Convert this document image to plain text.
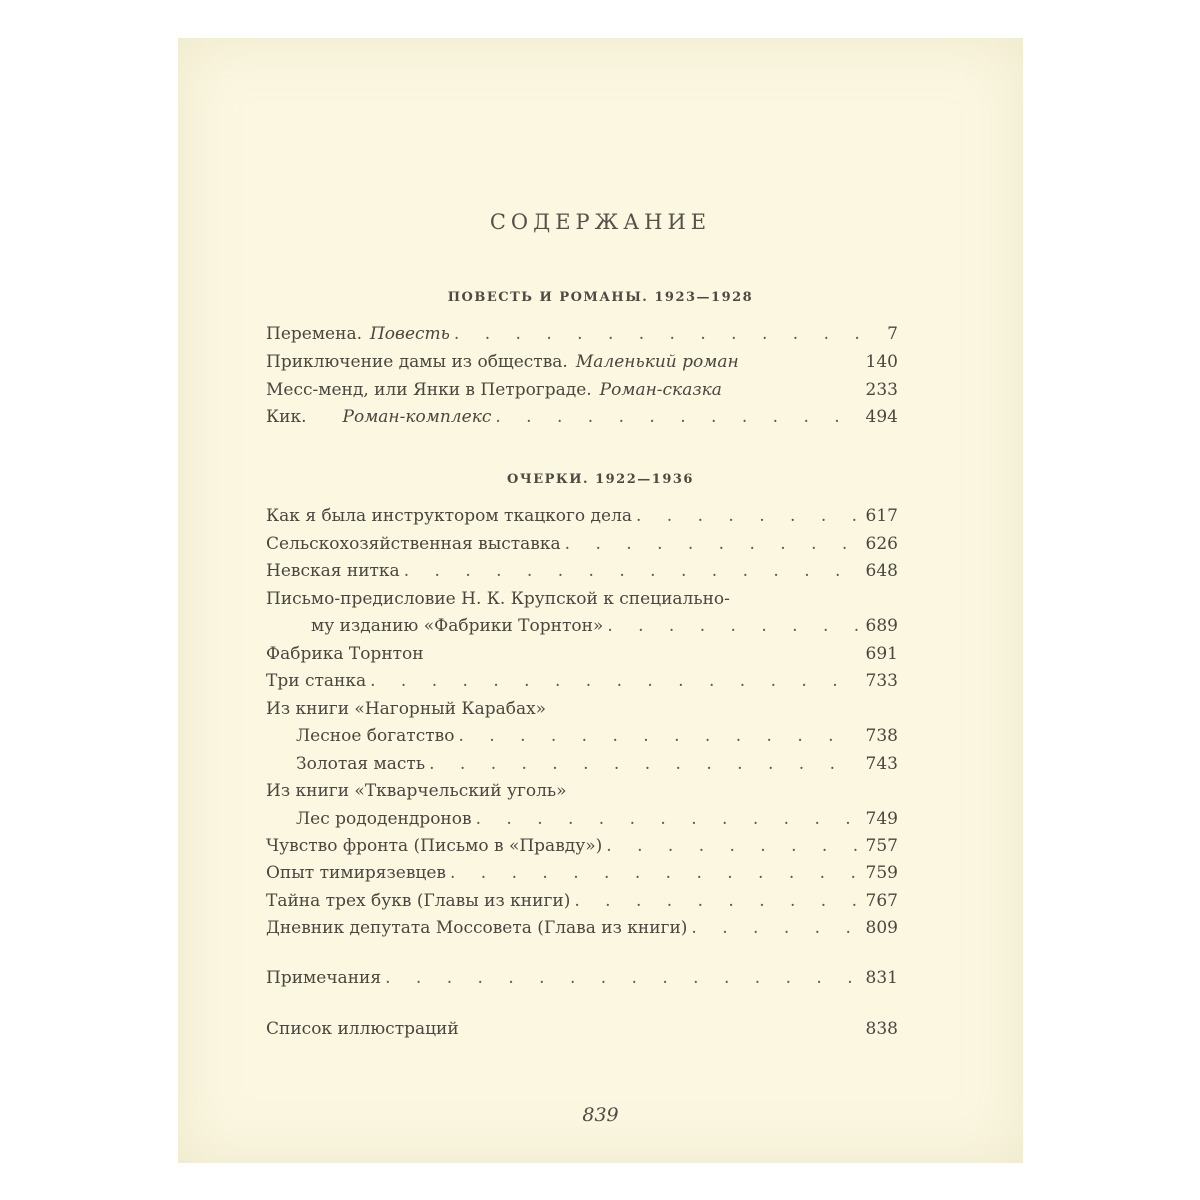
СОДЕРЖАНИЕ
ПОВЕСТЬ И РОМАНЫ. 1923—1928
Перемена. Повесть . . .	7
Приключение дамы из общества. Маленький роман	140
Месс-менд, или Янки в Петрограде. Роман-сказка	233
Кик. Роман-комплекс . . .	494
ОЧЕРКИ. 1922—1936
Как я была инструктором ткацкого дела . . .	617
Сельскохозяйственная выставка . . .	626
Невская нитка . . .	648
Письмо-предисловие Н. К. Крупской к специально-
му изданию «Фабрики Торнтон» . . .	689
Фабрика Торнтон	691
Три станка . . .	733
Из книги «Нагорный Карабах»
Лесное богатство . . .	738
Золотая масть . . .	743
Из книги «Ткварчельский уголь»
Лес рододендронов . . .	749
Чувство фронта (Письмо в «Правду») . . .	757
Опыт тимирязевцев . . .	759
Тайна трех букв (Главы из книги) . . .	767
Дневник депутата Моссовета (Глава из книги) . . .	809
Примечания . . .	831
Список иллюстраций	838
839
